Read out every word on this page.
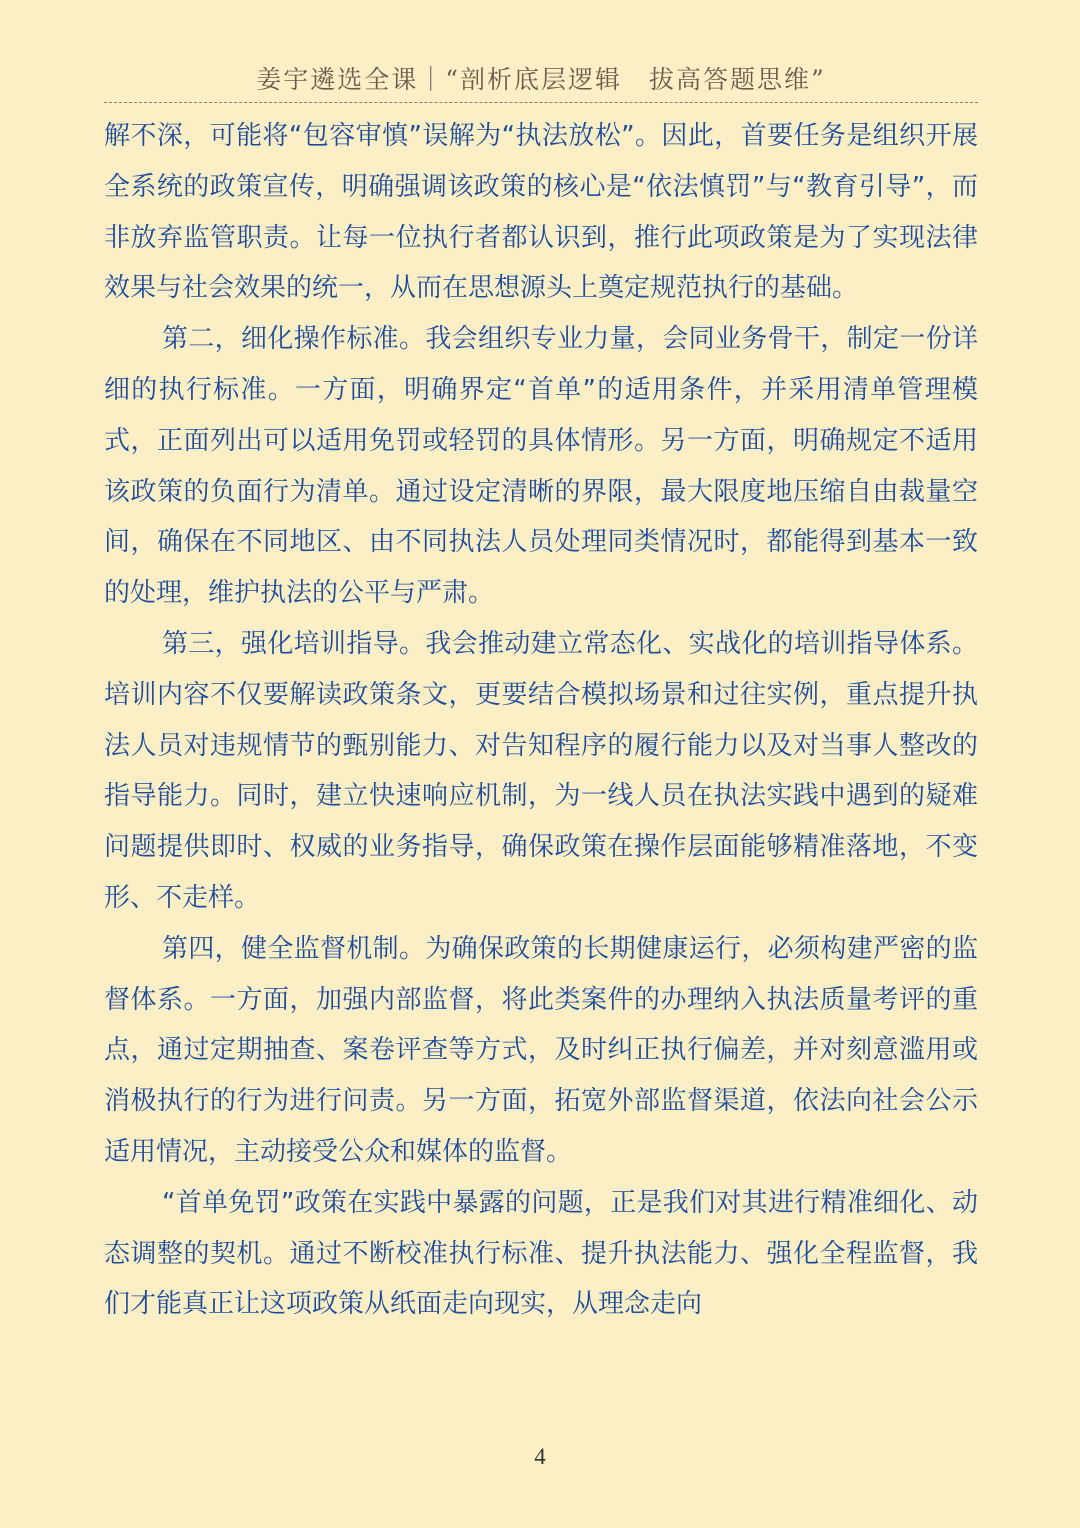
姜宇遴选全课｜“剖析底层逻辑　拔高答题思维”

解不深，可能将“包容审慎”误解为“执法放松”。因此，首要任务是组织开展全系统的政策宣传，明确强调该政策的核心是“依法慎罚”与“教育引导”，而非放弃监管职责。让每一位执行者都认识到，推行此项政策是为了实现法律效果与社会效果的统一，从而在思想源头上奠定规范执行的基础。

第二，细化操作标准。我会组织专业力量，会同业务骨干，制定一份详细的执行标准。一方面，明确界定“首单”的适用条件，并采用清单管理模式，正面列出可以适用免罚或轻罚的具体情形。另一方面，明确规定不适用该政策的负面行为清单。通过设定清晰的界限，最大限度地压缩自由裁量空间，确保在不同地区、由不同执法人员处理同类情况时，都能得到基本一致的处理，维护执法的公平与严肃。

第三，强化培训指导。我会推动建立常态化、实战化的培训指导体系。培训内容不仅要解读政策条文，更要结合模拟场景和过往实例，重点提升执法人员对违规情节的甄别能力、对告知程序的履行能力以及对当事人整改的指导能力。同时，建立快速响应机制，为一线人员在执法实践中遇到的疑难问题提供即时、权威的业务指导，确保政策在操作层面能够精准落地，不变形、不走样。

第四，健全监督机制。为确保政策的长期健康运行，必须构建严密的监督体系。一方面，加强内部监督，将此类案件的办理纳入执法质量考评的重点，通过定期抽查、案卷评查等方式，及时纠正执行偏差，并对刻意滥用或消极执行的行为进行问责。另一方面，拓宽外部监督渠道，依法向社会公示适用情况，主动接受公众和媒体的监督。

“首单免罚”政策在实践中暴露的问题，正是我们对其进行精准细化、动态调整的契机。通过不断校准执行标准、提升执法能力、强化全程监督，我们才能真正让这项政策从纸面走向现实，从理念走向

4
